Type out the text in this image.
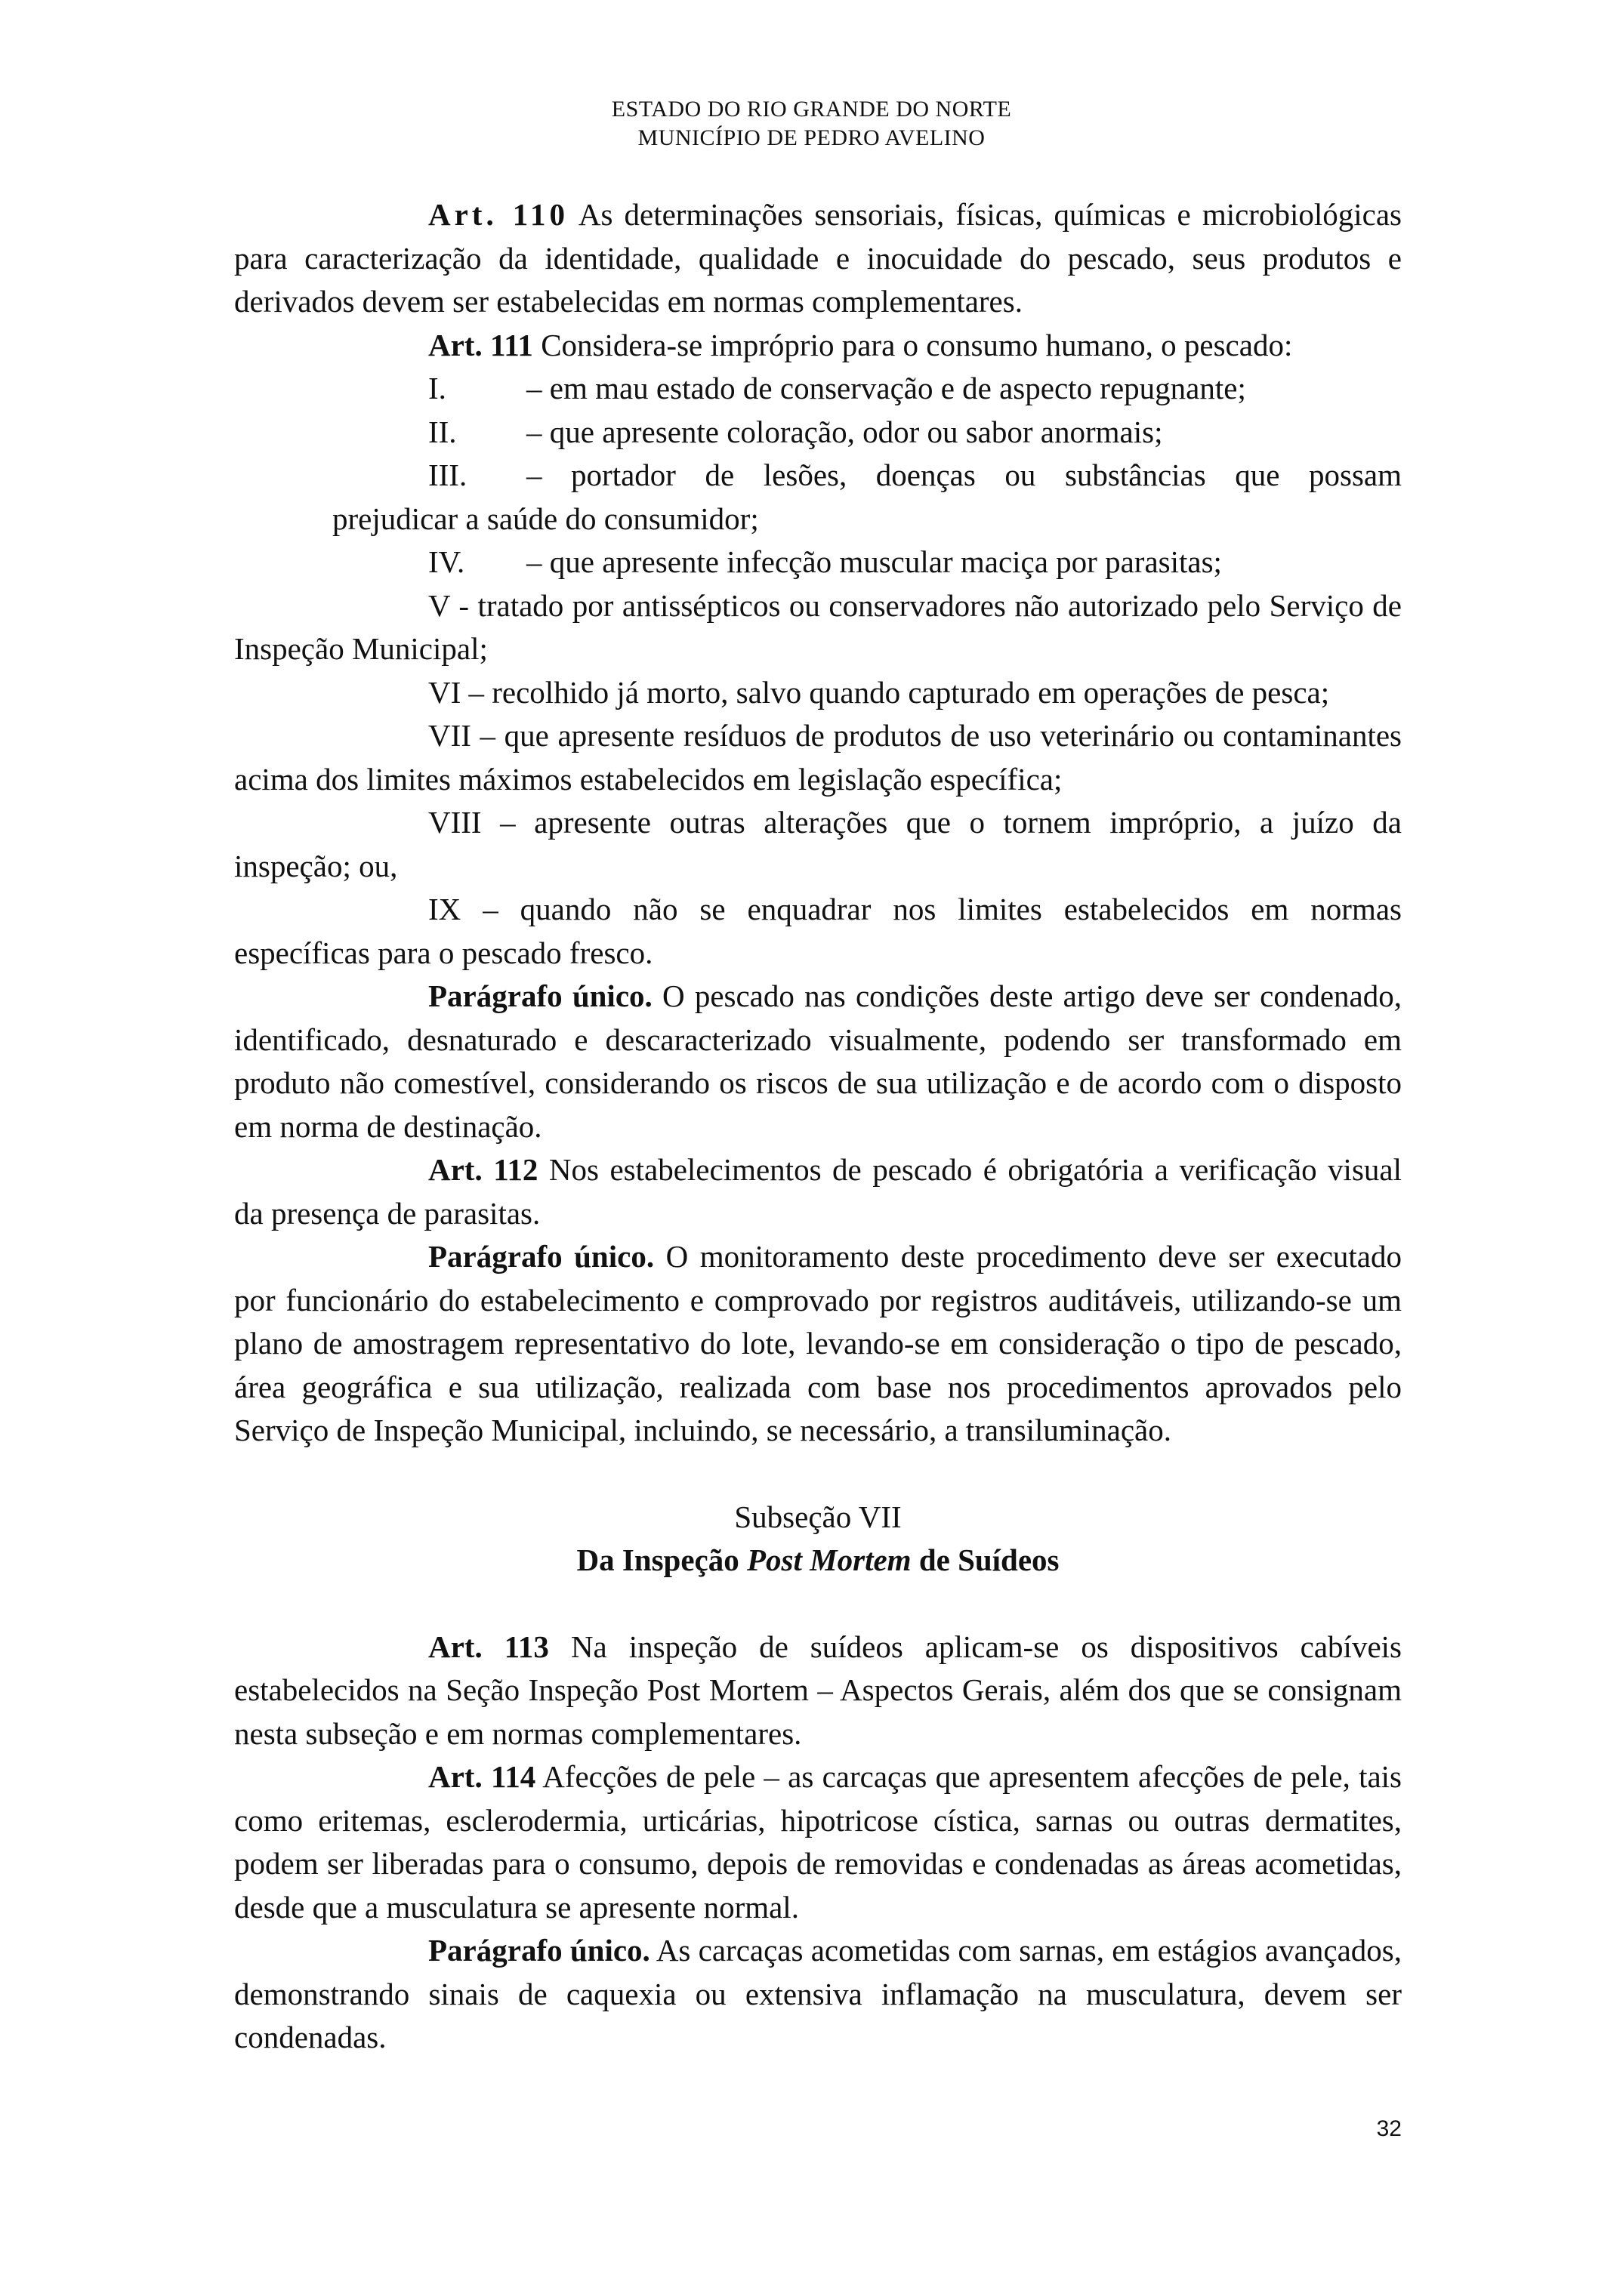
ESTADO DO RIO GRANDE DO NORTE
MUNICÍPIO DE PEDRO AVELINO

Art. 110 As determinações sensoriais, físicas, químicas e microbiológicas para caracterização da identidade, qualidade e inocuidade do pescado, seus produtos e derivados devem ser estabelecidas em normas complementares.

Art. 111 Considera-se impróprio para o consumo humano, o pescado:

I.	– em mau estado de conservação e de aspecto repugnante;
II.	– que apresente coloração, odor ou sabor anormais;
III.	– portador de lesões, doenças ou substâncias que possam

prejudicar a saúde do consumidor;

IV.	– que apresente infecção muscular maciça por parasitas;

V - tratado por antissépticos ou conservadores não autorizado pelo Serviço de Inspeção Municipal;

VI – recolhido já morto, salvo quando capturado em operações de pesca;

VII – que apresente resíduos de produtos de uso veterinário ou contaminantes acima dos limites máximos estabelecidos em legislação específica;

VIII – apresente outras alterações que o tornem impróprio, a juízo da inspeção; ou,

IX – quando não se enquadrar nos limites estabelecidos em normas específicas para o pescado fresco.

Parágrafo único. O pescado nas condições deste artigo deve ser condenado, identificado, desnaturado e descaracterizado visualmente, podendo ser transformado em produto não comestível, considerando os riscos de sua utilização e de acordo com o disposto em norma de destinação.

Art. 112 Nos estabelecimentos de pescado é obrigatória a verificação visual da presença de parasitas.

Parágrafo único. O monitoramento deste procedimento deve ser executado por funcionário do estabelecimento e comprovado por registros auditáveis, utilizando-se um plano de amostragem representativo do lote, levando-se em consideração o tipo de pescado, área geográfica e sua utilização, realizada com base nos procedimentos aprovados pelo Serviço de Inspeção Municipal, incluindo, se necessário, a transiluminação.

Subseção VII

Da Inspeção Post Mortem de Suídeos

Art. 113 Na inspeção de suídeos aplicam-se os dispositivos cabíveis estabelecidos na Seção Inspeção Post Mortem – Aspectos Gerais, além dos que se consignam nesta subseção e em normas complementares.

Art. 114 Afecções de pele – as carcaças que apresentem afecções de pele, tais como eritemas, esclerodermia, urticárias, hipotricose cística, sarnas ou outras dermatites, podem ser liberadas para o consumo, depois de removidas e condenadas as áreas acometidas, desde que a musculatura se apresente normal.

Parágrafo único. As carcaças acometidas com sarnas, em estágios avançados, demonstrando sinais de caquexia ou extensiva inflamação na musculatura, devem ser condenadas.

32
